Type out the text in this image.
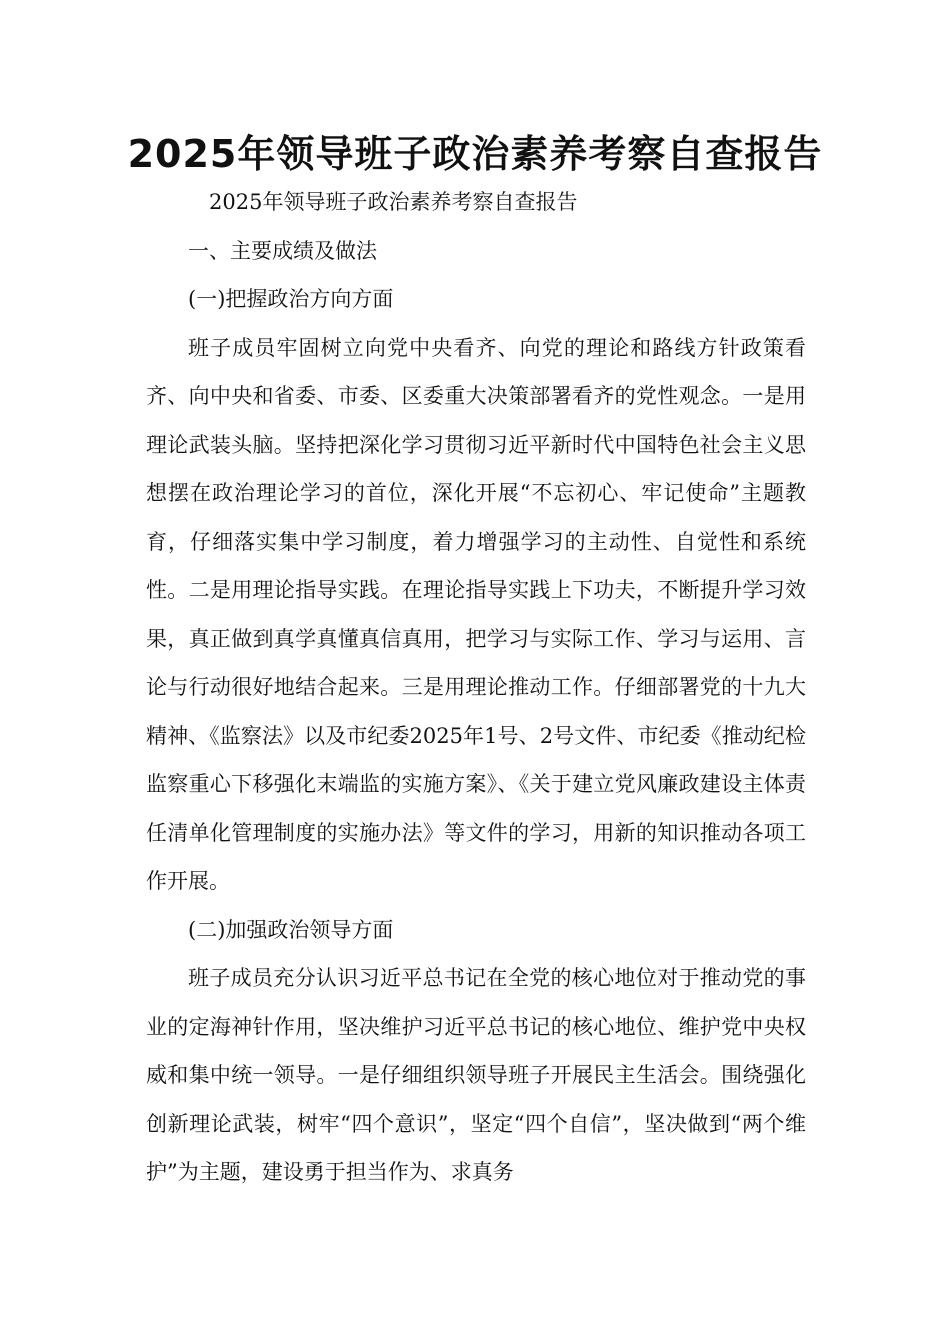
2025年领导班子政治素养考察自查报告

2025年领导班子政治素养考察自查报告

一、主要成绩及做法

(一)把握政治方向方面

班子成员牢固树立向党中央看齐、向党的理论和路线方针政策看齐、向中央和省委、市委、区委重大决策部署看齐的党性观念。一是用理论武装头脑。坚持把深化学习贯彻习近平新时代中国特色社会主义思想摆在政治理论学习的首位，深化开展“不忘初心、牢记使命”主题教育，仔细落实集中学习制度，着力增强学习的主动性、自觉性和系统性。二是用理论指导实践。在理论指导实践上下功夫，不断提升学习效果，真正做到真学真懂真信真用，把学习与实际工作、学习与运用、言论与行动很好地结合起来。三是用理论推动工作。仔细部署党的十九大精神、《监察法》以及市纪委2025年1号、2号文件、市纪委《推动纪检监察重心下移强化末端监的实施方案》、《关于建立党风廉政建设主体责任清单化管理制度的实施办法》等文件的学习，用新的知识推动各项工作开展。

(二)加强政治领导方面

班子成员充分认识习近平总书记在全党的核心地位对于推动党的事业的定海神针作用，坚决维护习近平总书记的核心地位、维护党中央权威和集中统一领导。一是仔细组织领导班子开展民主生活会。围绕强化创新理论武装，树牢“四个意识”，坚定“四个自信”，坚决做到“两个维护”为主题，建设勇于担当作为、求真务
